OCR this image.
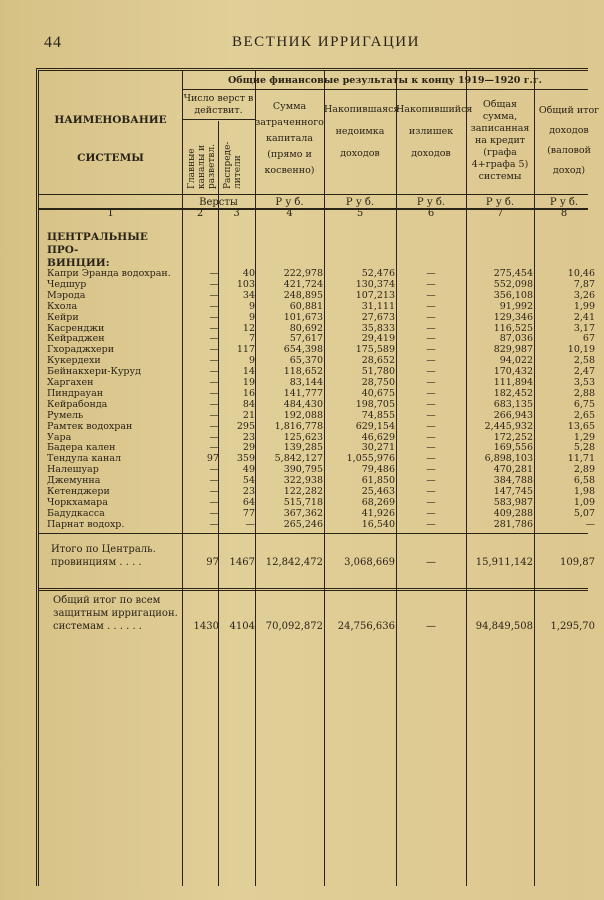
44	ВЕСТНИК ИРРИГАЦИИ
Общие финансовые результаты к концу 1919—1920 г.г.
НАИМЕНОВАНИЕ
СИСТЕМЫ
Число верст в действит.
Главные каналы и разветвл. Распреде-лители
Сумма затраченного капитала (прямо и косвенно)
Накопившаяся недоимка доходов
Накопившийся излишек доходов
Общая сумма, записанная на кредит (графа 4+графа 5) системы
Общий итог доходов (валовой доход)
Версты	Р у б.	Р у б.	Р у б.	Р у б.	Р у б.
1	2	3	4	5	6	7	8
ЦЕНТРАЛЬНЫЕ ПРО-
ВИНЦИИ:
Капри Эранда водохран.	—	40	222,978	52,476	—	275,454	10,46
Чедшур	—	103	421,724	130,374	—	552,098	7,87
Мэрода	—	34	248,895	107,213	—	356,108	3,26
Кхола	—	9	60,881	31,111	—	91,992	1,99
Кейри	—	9	101,673	27,673	—	129,346	2,41
Касренджи	—	12	80,692	35,833	—	116,525	3,17
Кейраджен	—	7	57,617	29,419	—	87,036	67
Гхораджхери	—	117	654,398	175,589	—	829,987	10,19
Кукердехи	—	9	65,370	28,652	—	94,022	2,58
Бейнакхери-Куруд	—	14	118,652	51,780	—	170,432	2,47
Харгахен	—	19	83,144	28,750	—	111,894	3,53
Пиндрауан	—	16	141,777	40,675	—	182,452	2,88
Кейрабонда	—	84	484,430	198,705	—	683,135	6,75
Румель	—	21	192,088	74,855	—	266,943	2,65
Рамтек водохран	—	295	1,816,778	629,154	—	2,445,932	13,65
Уара	—	23	125,623	46,629	—	172,252	1,29
Бадера кален	—	29	139,285	30,271	—	169,556	5,28
Тендула канал	97	359	5,842,127	1,055,976	—	6,898,103	11,71
Налешуар	—	49	390,795	79,486	—	470,281	2,89
Джемунна	—	54	322,938	61,850	—	384,788	6,58
Кетенджери	—	23	122,282	25,463	—	147,745	1,98
Чоркхамара	—	64	515,718	68,269	—	583,987	1,09
Бадудкасса	—	77	367,362	41,926	—	409,288	5,07
Парнат водохр.	—	—	265,246	16,540	—	281,786	—
Итого по Централь.
провинциям . . . .	97	1467	12,842,472	3,068,669	—	15,911,142	109,87
Общий итог по всем
защитным ирригацион.
системам . . . . . .	1430	4104	70,092,872	24,756,636	—	94,849,508	1,295,70
